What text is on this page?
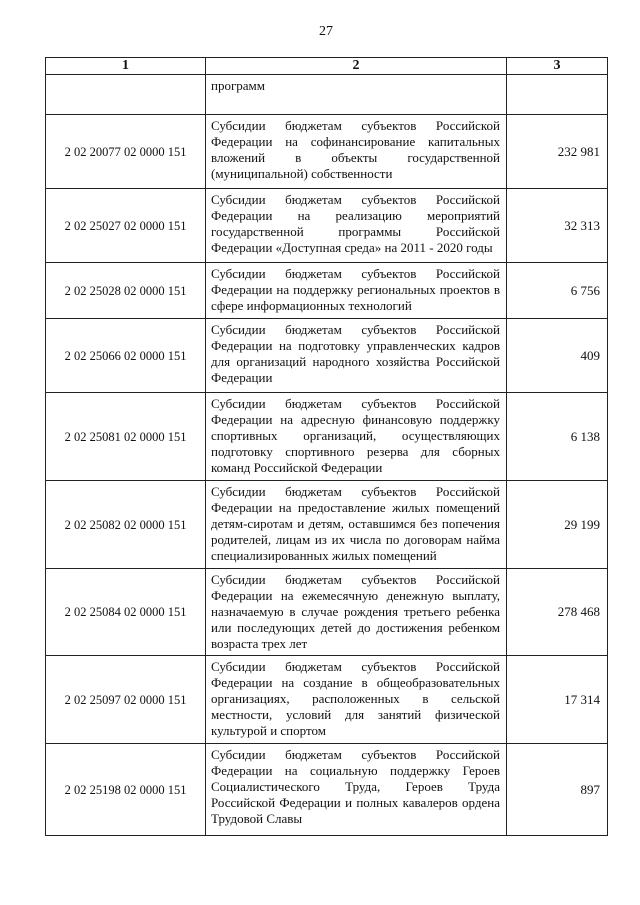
27
1	2	3
	программ	
2 02 20077 02 0000 151	Субсидии бюджетам субъектов Российской Федерации на софинансирование капитальных вложений в объекты государственной (муниципальной) собственности	232 981
2 02 25027 02 0000 151	Субсидии бюджетам субъектов Российской Федерации на реализацию мероприятий государственной программы Российской Федерации «Доступная среда» на 2011 - 2020 годы	32 313
2 02 25028 02 0000 151	Субсидии бюджетам субъектов Российской Федерации на поддержку региональных проектов в сфере информационных технологий	6 756
2 02 25066 02 0000 151	Субсидии бюджетам субъектов Российской Федерации на подготовку управленческих кадров для организаций народного хозяйства Российской Федерации	409
2 02 25081 02 0000 151	Субсидии бюджетам субъектов Российской Федерации на адресную финансовую поддержку спортивных организаций, осуществляющих подготовку спортивного резерва для сборных команд Российской Федерации	6 138
2 02 25082 02 0000 151	Субсидии бюджетам субъектов Российской Федерации на предоставление жилых помещений детям-сиротам и детям, оставшимся без попечения родителей, лицам из их числа по договорам найма специализированных жилых помещений	29 199
2 02 25084 02 0000 151	Субсидии бюджетам субъектов Российской Федерации на ежемесячную денежную выплату, назначаемую в случае рождения третьего ребенка или последующих детей до достижения ребенком возраста трех лет	278 468
2 02 25097 02 0000 151	Субсидии бюджетам субъектов Российской Федерации на создание в общеобразовательных организациях, расположенных в сельской местности, условий для занятий физической культурой и спортом	17 314
2 02 25198 02 0000 151	Субсидии бюджетам субъектов Российской Федерации на социальную поддержку Героев Социалистического Труда, Героев Труда Российской Федерации и полных кавалеров ордена Трудовой Славы	897
